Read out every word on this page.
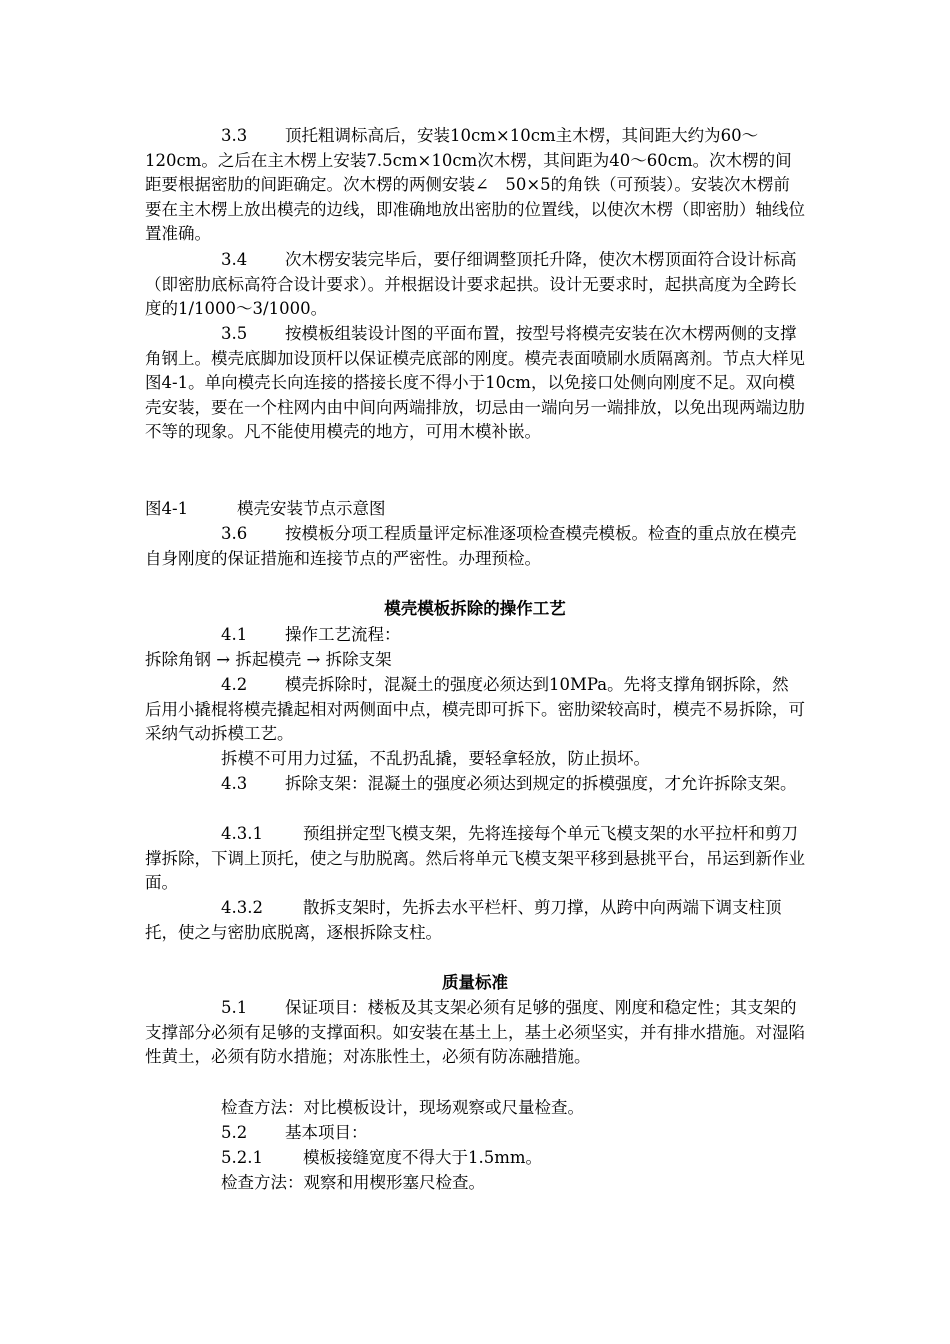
3.3 顶托粗调标高后，安装10cm×10cm主木楞，其间距大约为60～120cm。之后在主木楞上安装7.5cm×10cm次木楞，其间距为40～60cm。次木楞的间距要根据密肋的间距确定。次木楞的两侧安装∠　50×5的角铁（可预装）。安装次木楞前要在主木楞上放出模壳的边线，即准确地放出密肋的位置线，以使次木楞（即密肋）轴线位置准确。

3.4 次木楞安装完毕后，要仔细调整顶托升降，使次木楞顶面符合设计标高（即密肋底标高符合设计要求）。并根据设计要求起拱。设计无要求时，起拱高度为全跨长度的1/1000～3/1000。

3.5 按模板组装设计图的平面布置，按型号将模壳安装在次木楞两侧的支撑角钢上。模壳底脚加设顶杆以保证模壳底部的刚度。模壳表面喷刷水质隔离剂。节点大样见图4-1。单向模壳长向连接的搭接长度不得小于10cm，以免接口处侧向刚度不足。双向模壳安装，要在一个柱网内由中间向两端排放，切忌由一端向另一端排放，以免出现两端边肋不等的现象。凡不能使用模壳的地方，可用木模补嵌。

图4-1	模壳安装节点示意图

3.6 按模板分项工程质量评定标准逐项检查模壳模板。检查的重点放在模壳自身刚度的保证措施和连接节点的严密性。办理预检。

模壳模板拆除的操作工艺

4.1 操作工艺流程：

拆除角钢 → 拆起模壳 → 拆除支架

4.2 模壳拆除时，混凝土的强度必须达到10MPa。先将支撑角钢拆除，然后用小撬棍将模壳撬起相对两侧面中点，模壳即可拆下。密肋梁较高时，模壳不易拆除，可采纳气动拆模工艺。

拆模不可用力过猛，不乱扔乱撬，要轻拿轻放，防止损坏。

4.3 拆除支架：混凝土的强度必须达到规定的拆模强度，才允许拆除支架。

4.3.1 预组拼定型飞模支架，先将连接每个单元飞模支架的水平拉杆和剪刀撑拆除，下调上顶托，使之与肋脱离。然后将单元飞模支架平移到悬挑平台，吊运到新作业面。

4.3.2 散拆支架时，先拆去水平栏杆、剪刀撑，从跨中向两端下调支柱顶托，使之与密肋底脱离，逐根拆除支柱。

质量标准

5.1 保证项目：楼板及其支架必须有足够的强度、刚度和稳定性；其支架的支撑部分必须有足够的支撑面积。如安装在基土上，基土必须坚实，并有排水措施。对湿陷性黄土，必须有防水措施；对冻胀性土，必须有防冻融措施。

检查方法：对比模板设计，现场观察或尺量检查。

5.2 基本项目：

5.2.1 模板接缝宽度不得大于1.5mm。

检查方法：观察和用楔形塞尺检查。
